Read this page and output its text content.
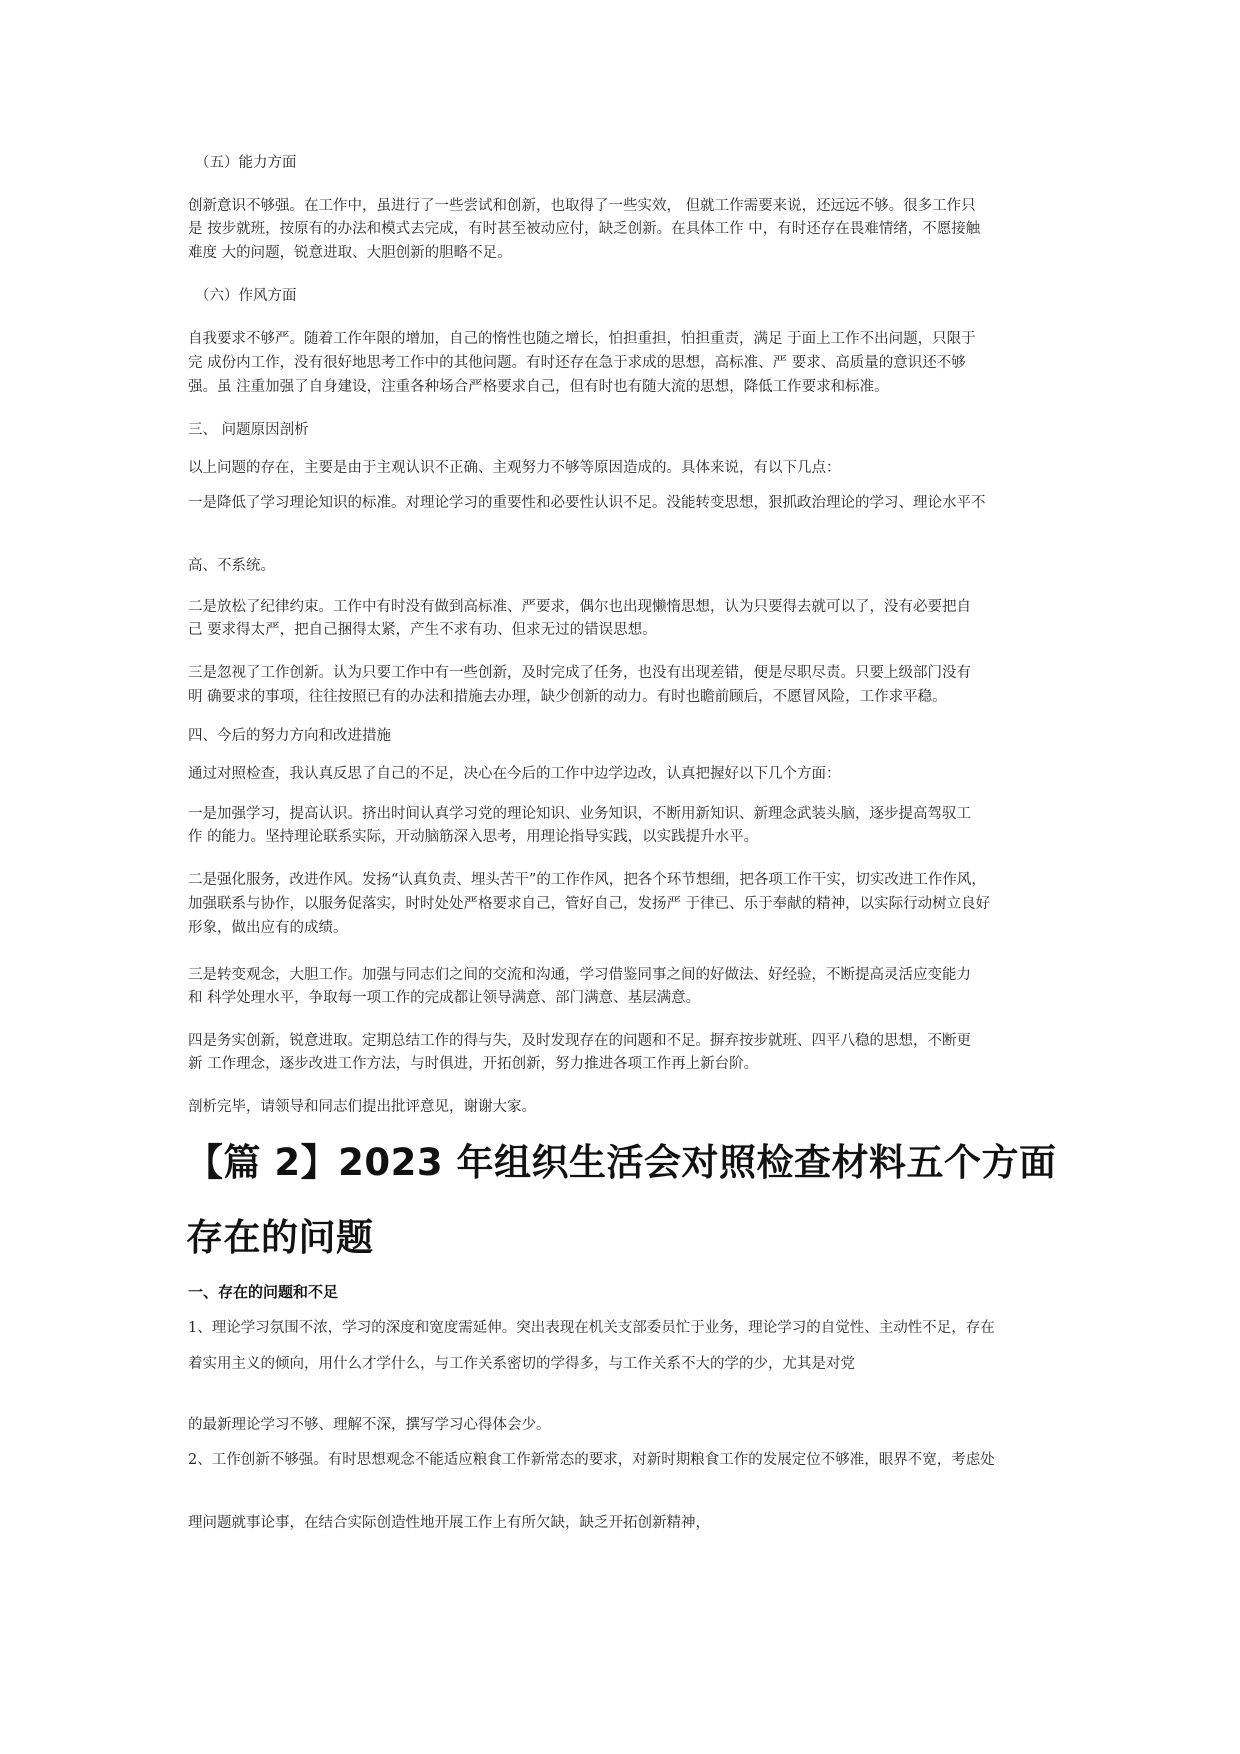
（五）能力方面
创新意识不够强。在工作中，虽进行了一些尝试和创新，也取得了一些实效， 但就工作需要来说，还远远不够。很多工作只
是 按步就班，按原有的办法和模式去完成，有时甚至被动应付，缺乏创新。在具体工作 中，有时还存在畏难情绪，不愿接触
难度 大的问题，锐意进取、大胆创新的胆略不足。
（六）作风方面
自我要求不够严。随着工作年限的增加，自己的惰性也随之增长，怕担重担，怕担重责，满足 于面上工作不出问题，只限于
完 成份内工作，没有很好地思考工作中的其他问题。有时还存在急于求成的思想，高标准、严 要求、高质量的意识还不够
强。虽 注重加强了自身建设，注重各种场合严格要求自己，但有时也有随大流的思想，降低工作要求和标准。
三、 问题原因剖析
以上问题的存在，主要是由于主观认识不正确、主观努力不够等原因造成的。具体来说，有以下几点：
一是降低了学习理论知识的标准。对理论学习的重要性和必要性认识不足。没能转变思想，狠抓政治理论的学习、理论水平不
高、不系统。
二是放松了纪律约束。工作中有时没有做到高标准、严要求，偶尔也出现懒惰思想，认为只要得去就可以了，没有必要把自
己 要求得太严，把自己捆得太紧，产生不求有功、但求无过的错误思想。
三是忽视了工作创新。认为只要工作中有一些创新，及时完成了任务，也没有出现差错，便是尽职尽责。只要上级部门没有
明 确要求的事项，往往按照已有的办法和措施去办理，缺少创新的动力。有时也瞻前顾后，不愿冒风险，工作求平稳。
四、今后的努力方向和改进措施
通过对照检查，我认真反思了自己的不足，决心在今后的工作中边学边改，认真把握好以下几个方面：
一是加强学习，提高认识。挤出时间认真学习党的理论知识、业务知识，不断用新知识、新理念武装头脑，逐步提高驾驭工
作 的能力。坚持理论联系实际，开动脑筋深入思考，用理论指导实践，以实践提升水平。
二是强化服务，改进作风。发扬“认真负责、埋头苦干”的工作作风，把各个环节想细，把各项工作干实，切实改进工作作风，
加强联系与协作，以服务促落实，时时处处严格要求自己，管好自己，发扬严 于律已、乐于奉献的精神，以实际行动树立良好
形象，做出应有的成绩。
三是转变观念，大胆工作。加强与同志们之间的交流和沟通，学习借鉴同事之间的好做法、好经验，不断提高灵活应变能力
和 科学处理水平，争取每一项工作的完成都让领导满意、部门满意、基层满意。
四是务实创新，锐意进取。定期总结工作的得与失，及时发现存在的问题和不足。摒弃按步就班、四平八稳的思想，不断更
新 工作理念，逐步改进工作方法，与时俱进，开拓创新，努力推进各项工作再上新台阶。
剖析完毕，请领导和同志们提出批评意见，谢谢大家。
【篇 2】2023 年组织生活会对照检查材料五个方面
存在的问题
一、存在的问题和不足
1、理论学习氛围不浓，学习的深度和宽度需延伸。突出表现在机关支部委员忙于业务，理论学习的自觉性、主动性不足，存在
着实用主义的倾向，用什么才学什么，与工作关系密切的学得多，与工作关系不大的学的少，尤其是对党
的最新理论学习不够、理解不深，撰写学习心得体会少。
2、工作创新不够强。有时思想观念不能适应粮食工作新常态的要求，对新时期粮食工作的发展定位不够准，眼界不宽，考虑处
理问题就事论事，在结合实际创造性地开展工作上有所欠缺，缺乏开拓创新精神，
